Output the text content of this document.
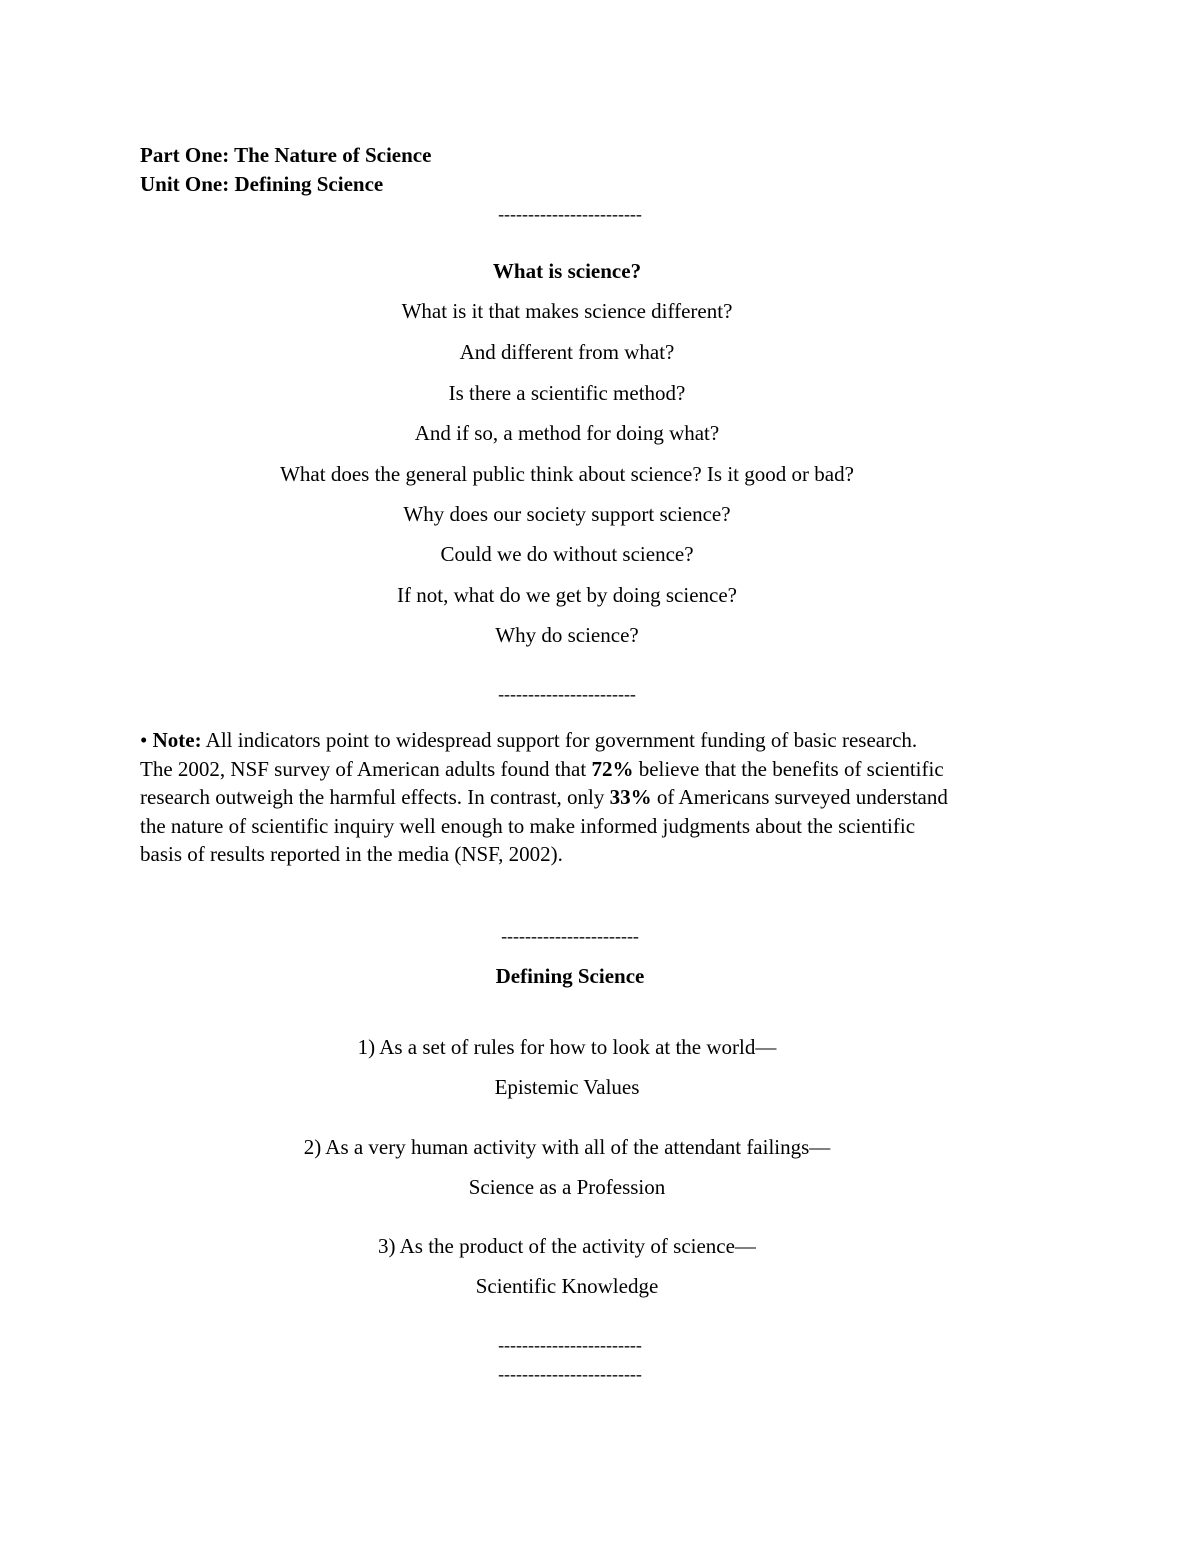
Part One: The Nature of Science
Unit One: Defining Science
------------------------
What is science?
What is it that makes science different?
And different from what?
Is there a scientific method?
And if so, a method for doing what?
What does the general public think about science? Is it good or bad?
Why does our society support science?
Could we do without science?
If not, what do we get by doing science?
Why do science?
-----------------------
• Note: All indicators point to widespread support for government funding of basic research. The 2002, NSF survey of American adults found that 72% believe that the benefits of scientific research outweigh the harmful effects. In contrast, only 33% of Americans surveyed understand the nature of scientific inquiry well enough to make informed judgments about the scientific basis of results reported in the media (NSF, 2002).
-----------------------
Defining Science
1) As a set of rules for how to look at the world—
Epistemic Values
2) As a very human activity with all of the attendant failings—
Science as a Profession
3) As the product of the activity of science—
Scientific Knowledge
------------------------
------------------------
